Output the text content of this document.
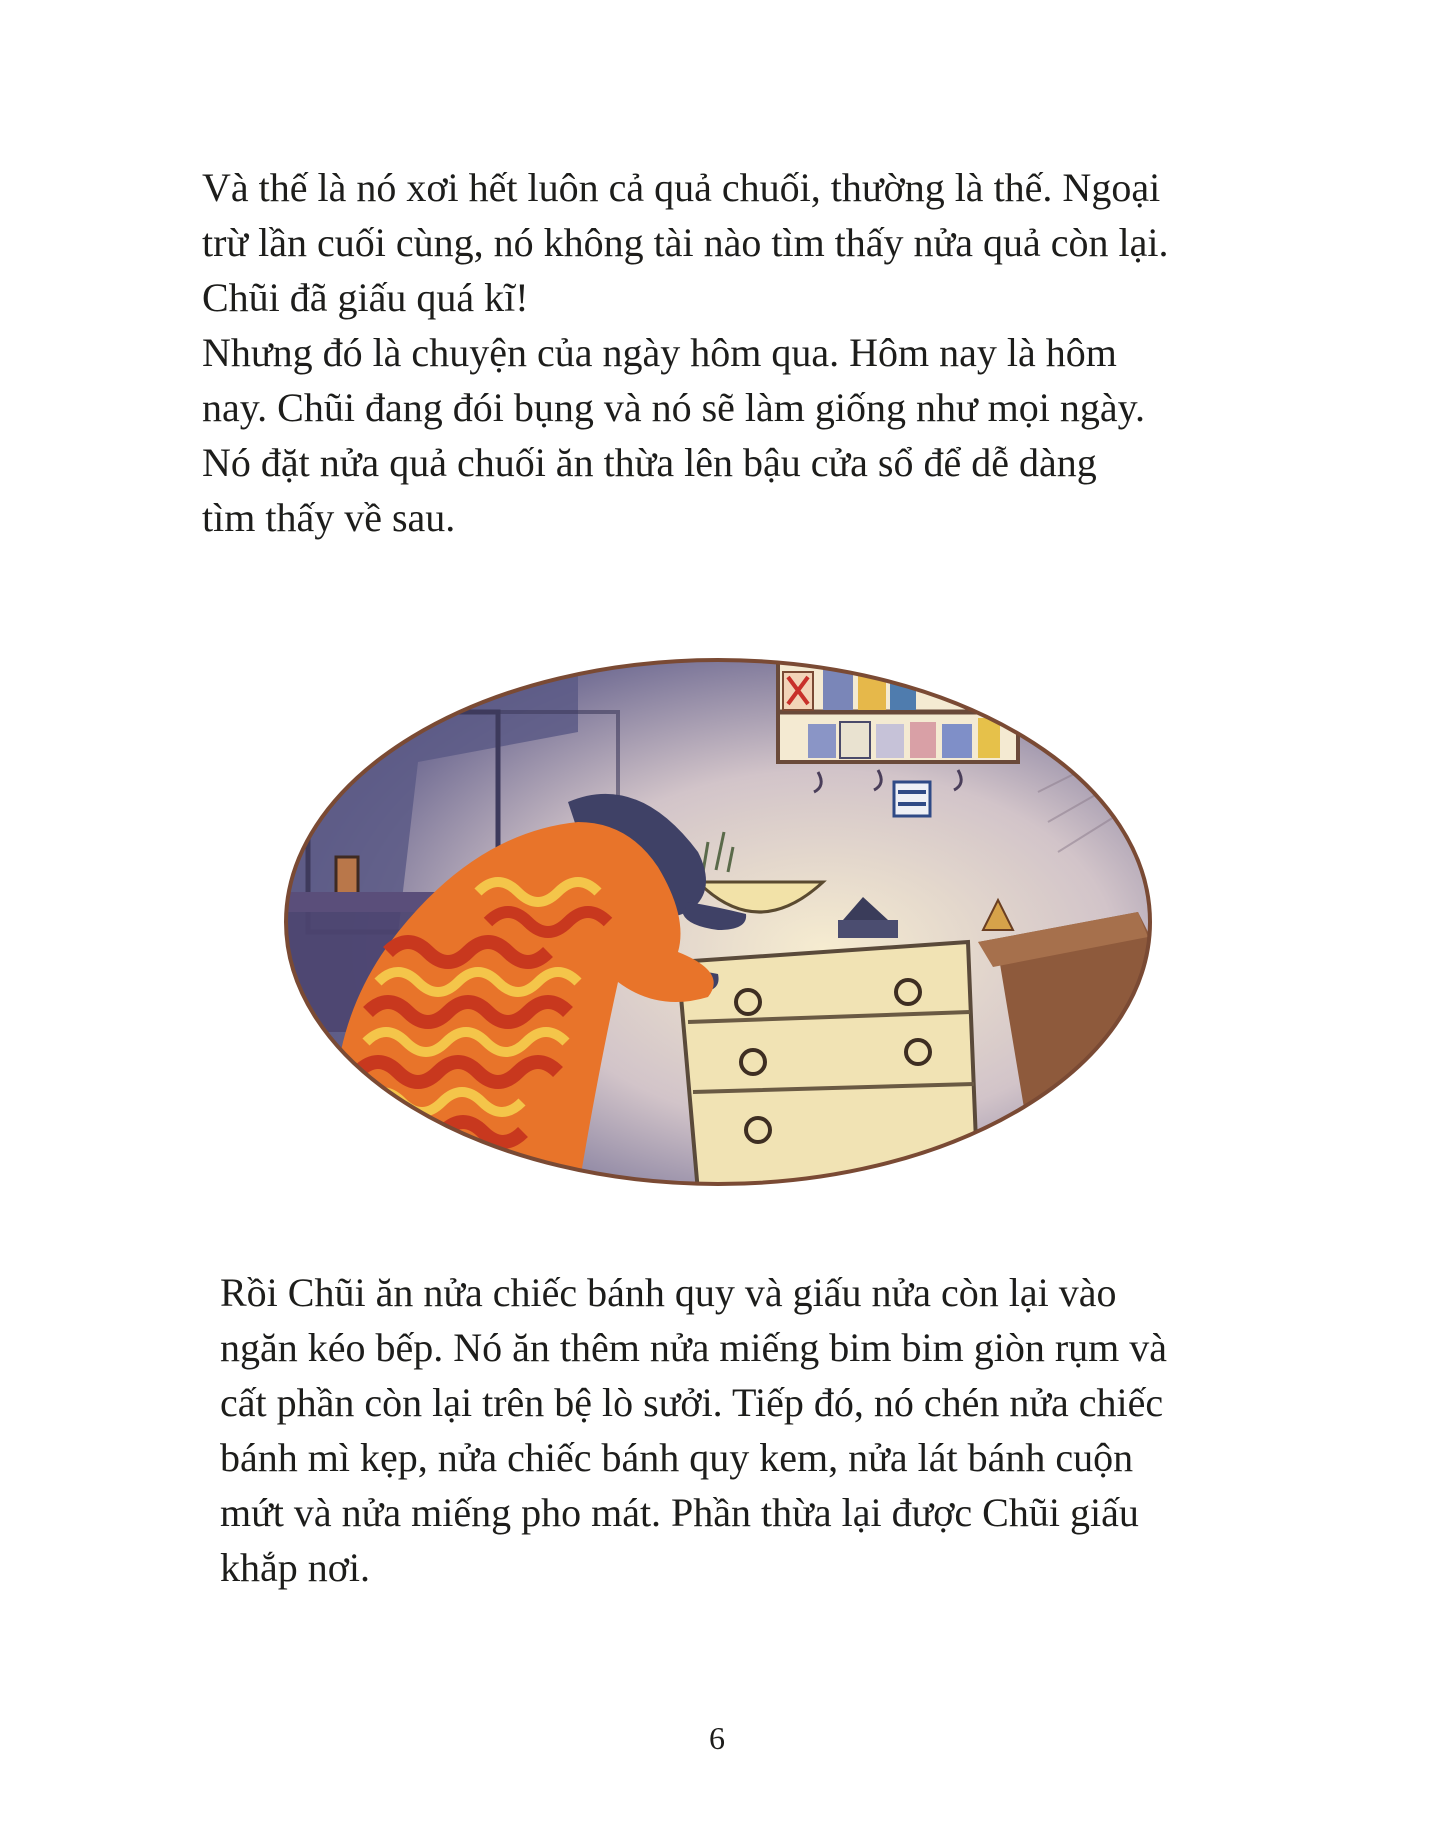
Và thế là nó xơi hết luôn cả quả chuối, thường là thế. Ngoại
trừ lần cuối cùng, nó không tài nào tìm thấy nửa quả còn lại.
Chũi đã giấu quá kĩ!
Nhưng đó là chuyện của ngày hôm qua. Hôm nay là hôm
nay. Chũi đang đói bụng và nó sẽ làm giống như mọi ngày.
Nó đặt nửa quả chuối ăn thừa lên bậu cửa sổ để dễ dàng
tìm thấy về sau.
Rồi Chũi ăn nửa chiếc bánh quy và giấu nửa còn lại vào
ngăn kéo bếp. Nó ăn thêm nửa miếng bim bim giòn rụm và
cất phần còn lại trên bệ lò sưởi. Tiếp đó, nó chén nửa chiếc
bánh mì kẹp, nửa chiếc bánh quy kem, nửa lát bánh cuộn
mứt và nửa miếng pho mát. Phần thừa lại được Chũi giấu
khắp nơi.
6
